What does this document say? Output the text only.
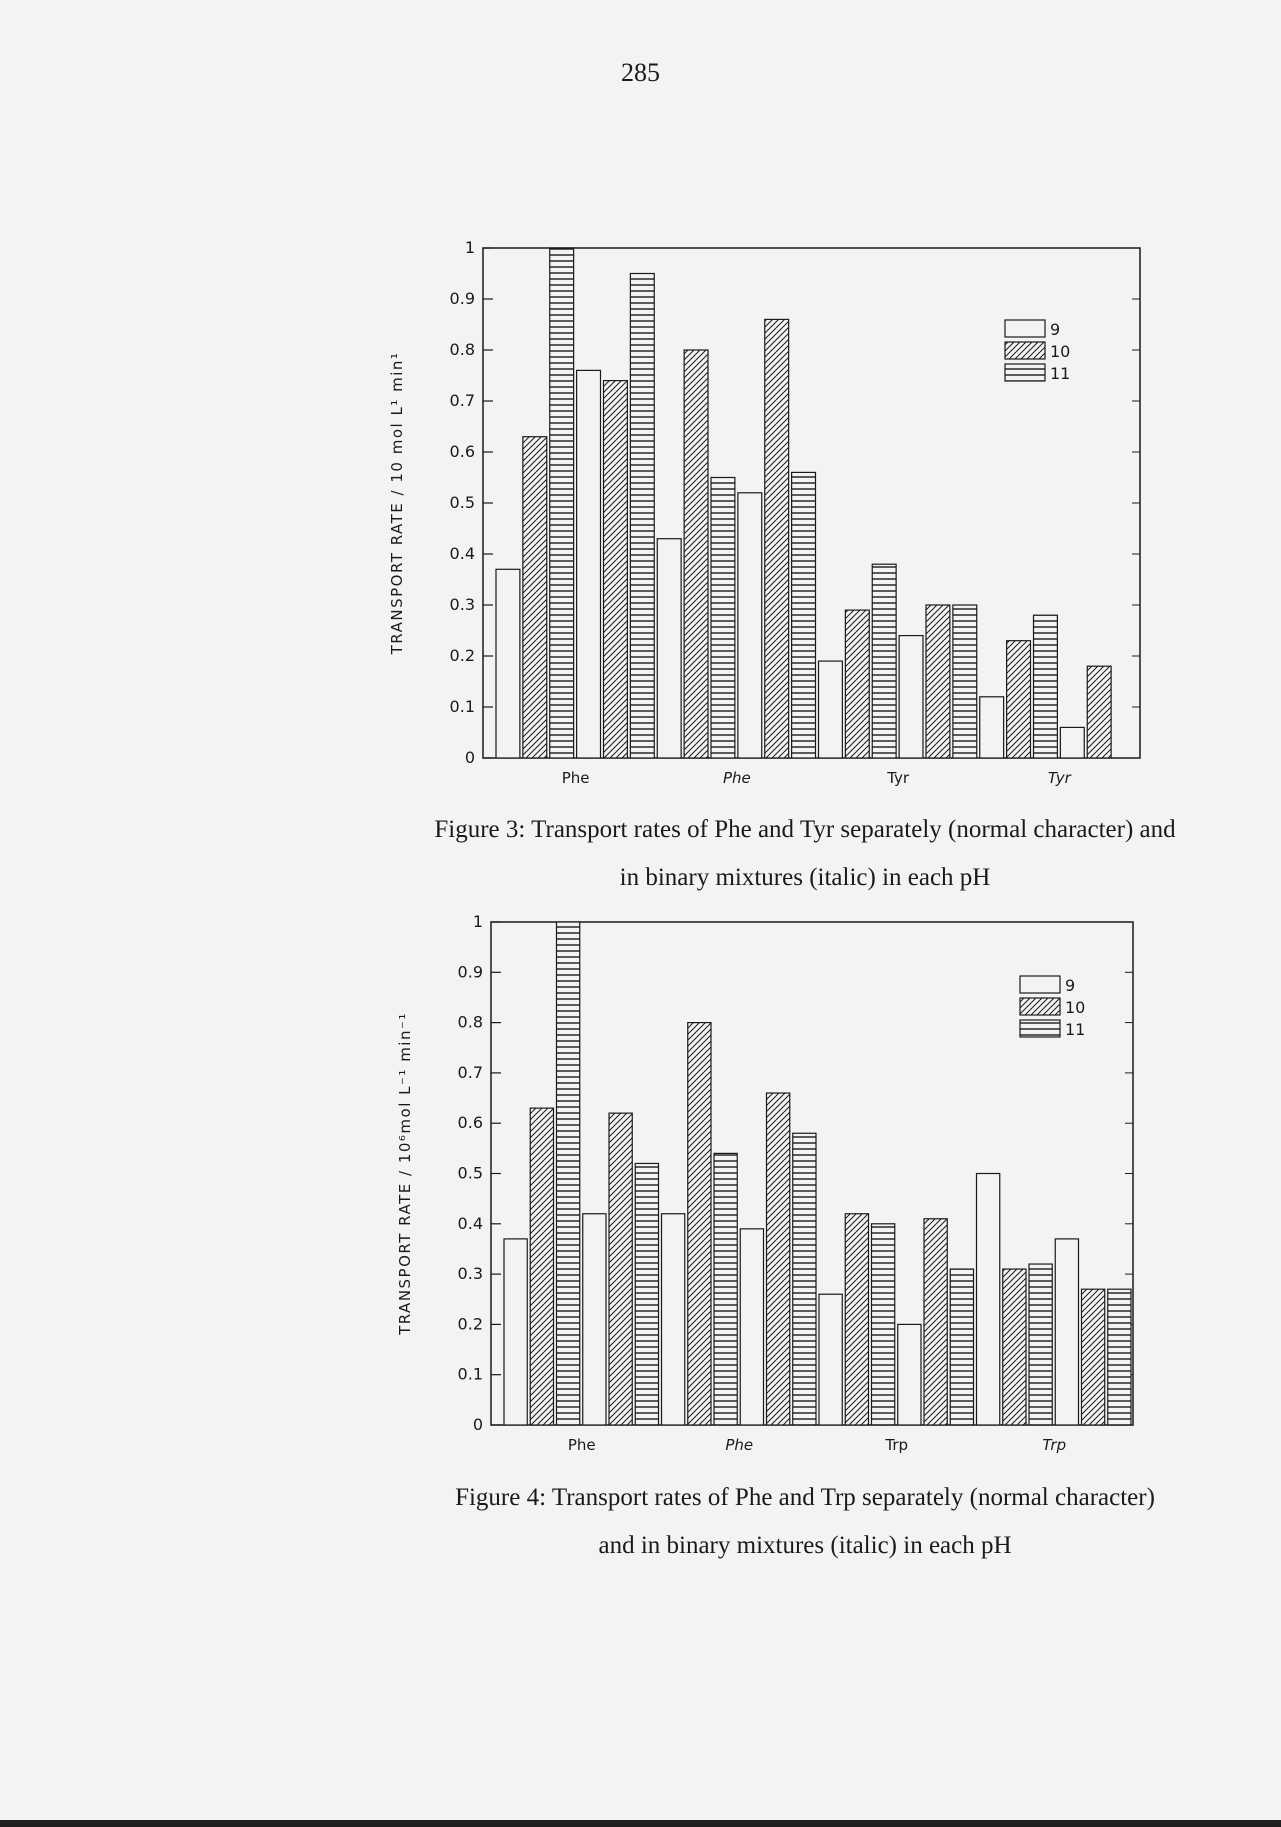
285
0
0.1
0.2
0.3
0.4
0.5
0.6
0.7
0.8
0.9
1
TRANSPORT RATE / 10 mol L¹ min¹
Phe	Phe	Tyr	Tyr
9
10
11
Figure 3: Transport rates of Phe and Tyr separately (normal character) and
in binary mixtures (italic) in each pH
0
0.1
0.2
0.3
0.4
0.5
0.6
0.7
0.8
0.9
1
TRANSPORT RATE / 10⁶mol L⁻¹ min⁻¹
Phe	Phe	Trp	Trp
9
10
11
Figure 4: Transport rates of Phe and Trp separately (normal character)
and in binary mixtures (italic) in each pH
